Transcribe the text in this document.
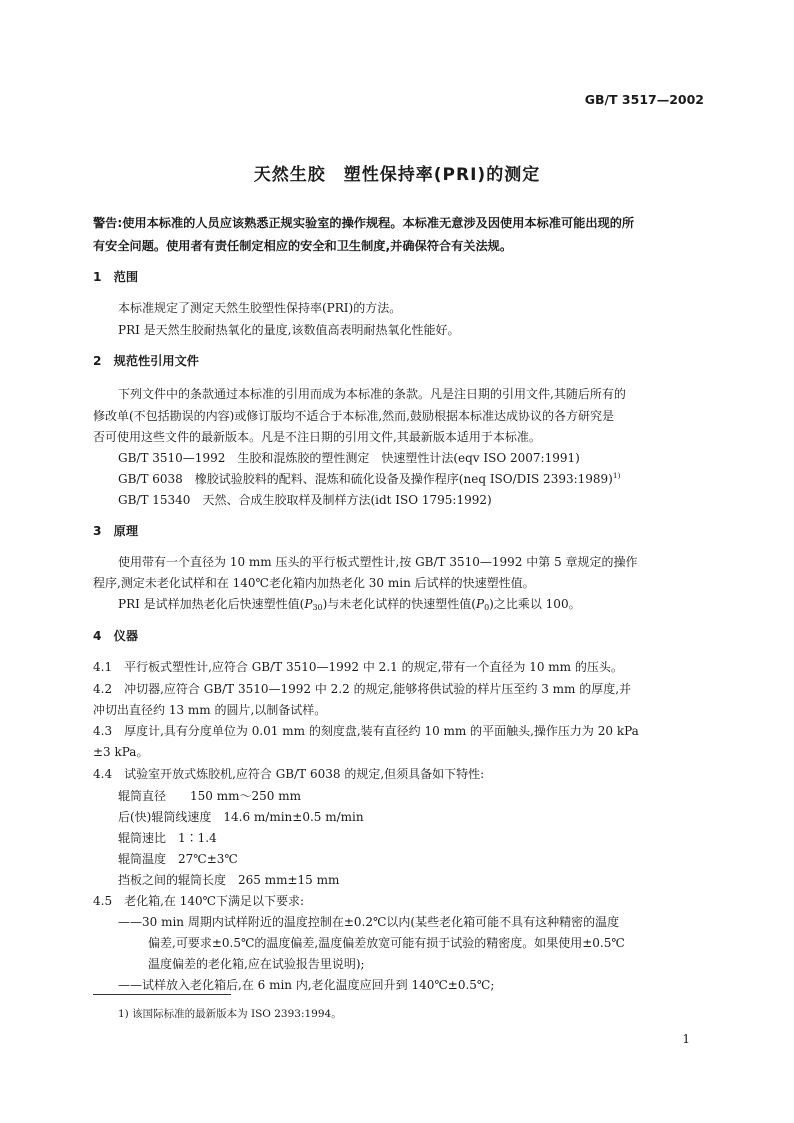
GB/T 3517—2002
天然生胶　塑性保持率(PRI)的测定
警告:使用本标准的人员应该熟悉正规实验室的操作规程。本标准无意涉及因使用本标准可能出现的所
有安全问题。使用者有责任制定相应的安全和卫生制度,并确保符合有关法规。
1　范围
本标准规定了测定天然生胶塑性保持率(PRI)的方法。
PRI 是天然生胶耐热氧化的量度,该数值高表明耐热氧化性能好。
2　规范性引用文件
下列文件中的条款通过本标准的引用而成为本标准的条款。凡是注日期的引用文件,其随后所有的
修改单(不包括勘误的内容)或修订版均不适合于本标准,然而,鼓励根据本标准达成协议的各方研究是
否可使用这些文件的最新版本。凡是不注日期的引用文件,其最新版本适用于本标准。
GB/T 3510—1992　生胶和混炼胶的塑性测定　快速塑性计法(eqv ISO 2007:1991)
GB/T 6038　橡胶试验胶料的配料、混炼和硫化设备及操作程序(neq ISO/DIS 2393:1989)$^{1)}$
GB/T 15340　天然、合成生胶取样及制样方法(idt ISO 1795:1992)
3　原理
使用带有一个直径为 10 mm 压头的平行板式塑性计,按 GB/T 3510—1992 中第 5 章规定的操作
程序,测定未老化试样和在 140℃老化箱内加热老化 30 min 后试样的快速塑性值。
PRI 是试样加热老化后快速塑性值$(P_{30})$与未老化试样的快速塑性值$(P_0)$之比乘以 100。
4　仪器
4.1　平行板式塑性计,应符合 GB/T 3510—1992 中 2.1 的规定,带有一个直径为 10 mm 的压头。
4.2　冲切器,应符合 GB/T 3510—1992 中 2.2 的规定,能够将供试验的样片压至约 3 mm 的厚度,并
冲切出直径约 13 mm 的圆片,以制备试样。
4.3　厚度计,具有分度单位为 0.01 mm 的刻度盘,装有直径约 10 mm 的平面触头,操作压力为 20 kPa
±3 kPa。
4.4　试验室开放式炼胶机,应符合 GB/T 6038 的规定,但须具备如下特性:
辊筒直径　　150 mm～250 mm
后(快)辊筒线速度　14.6 m/min±0.5 m/min
辊筒速比　1∶1.4
辊筒温度　27℃±3℃
挡板之间的辊筒长度　265 mm±15 mm
4.5　老化箱,在 140℃下满足以下要求:
——30 min 周期内试样附近的温度控制在±0.2℃以内(某些老化箱可能不具有这种精密的温度
偏差,可要求±0.5℃的温度偏差,温度偏差放宽可能有损于试验的精密度。如果使用±0.5℃
温度偏差的老化箱,应在试验报告里说明);
——试样放入老化箱后,在 6 min 内,老化温度应回升到 140℃±0.5℃;
1) 该国际标准的最新版本为 ISO 2393:1994。
1
